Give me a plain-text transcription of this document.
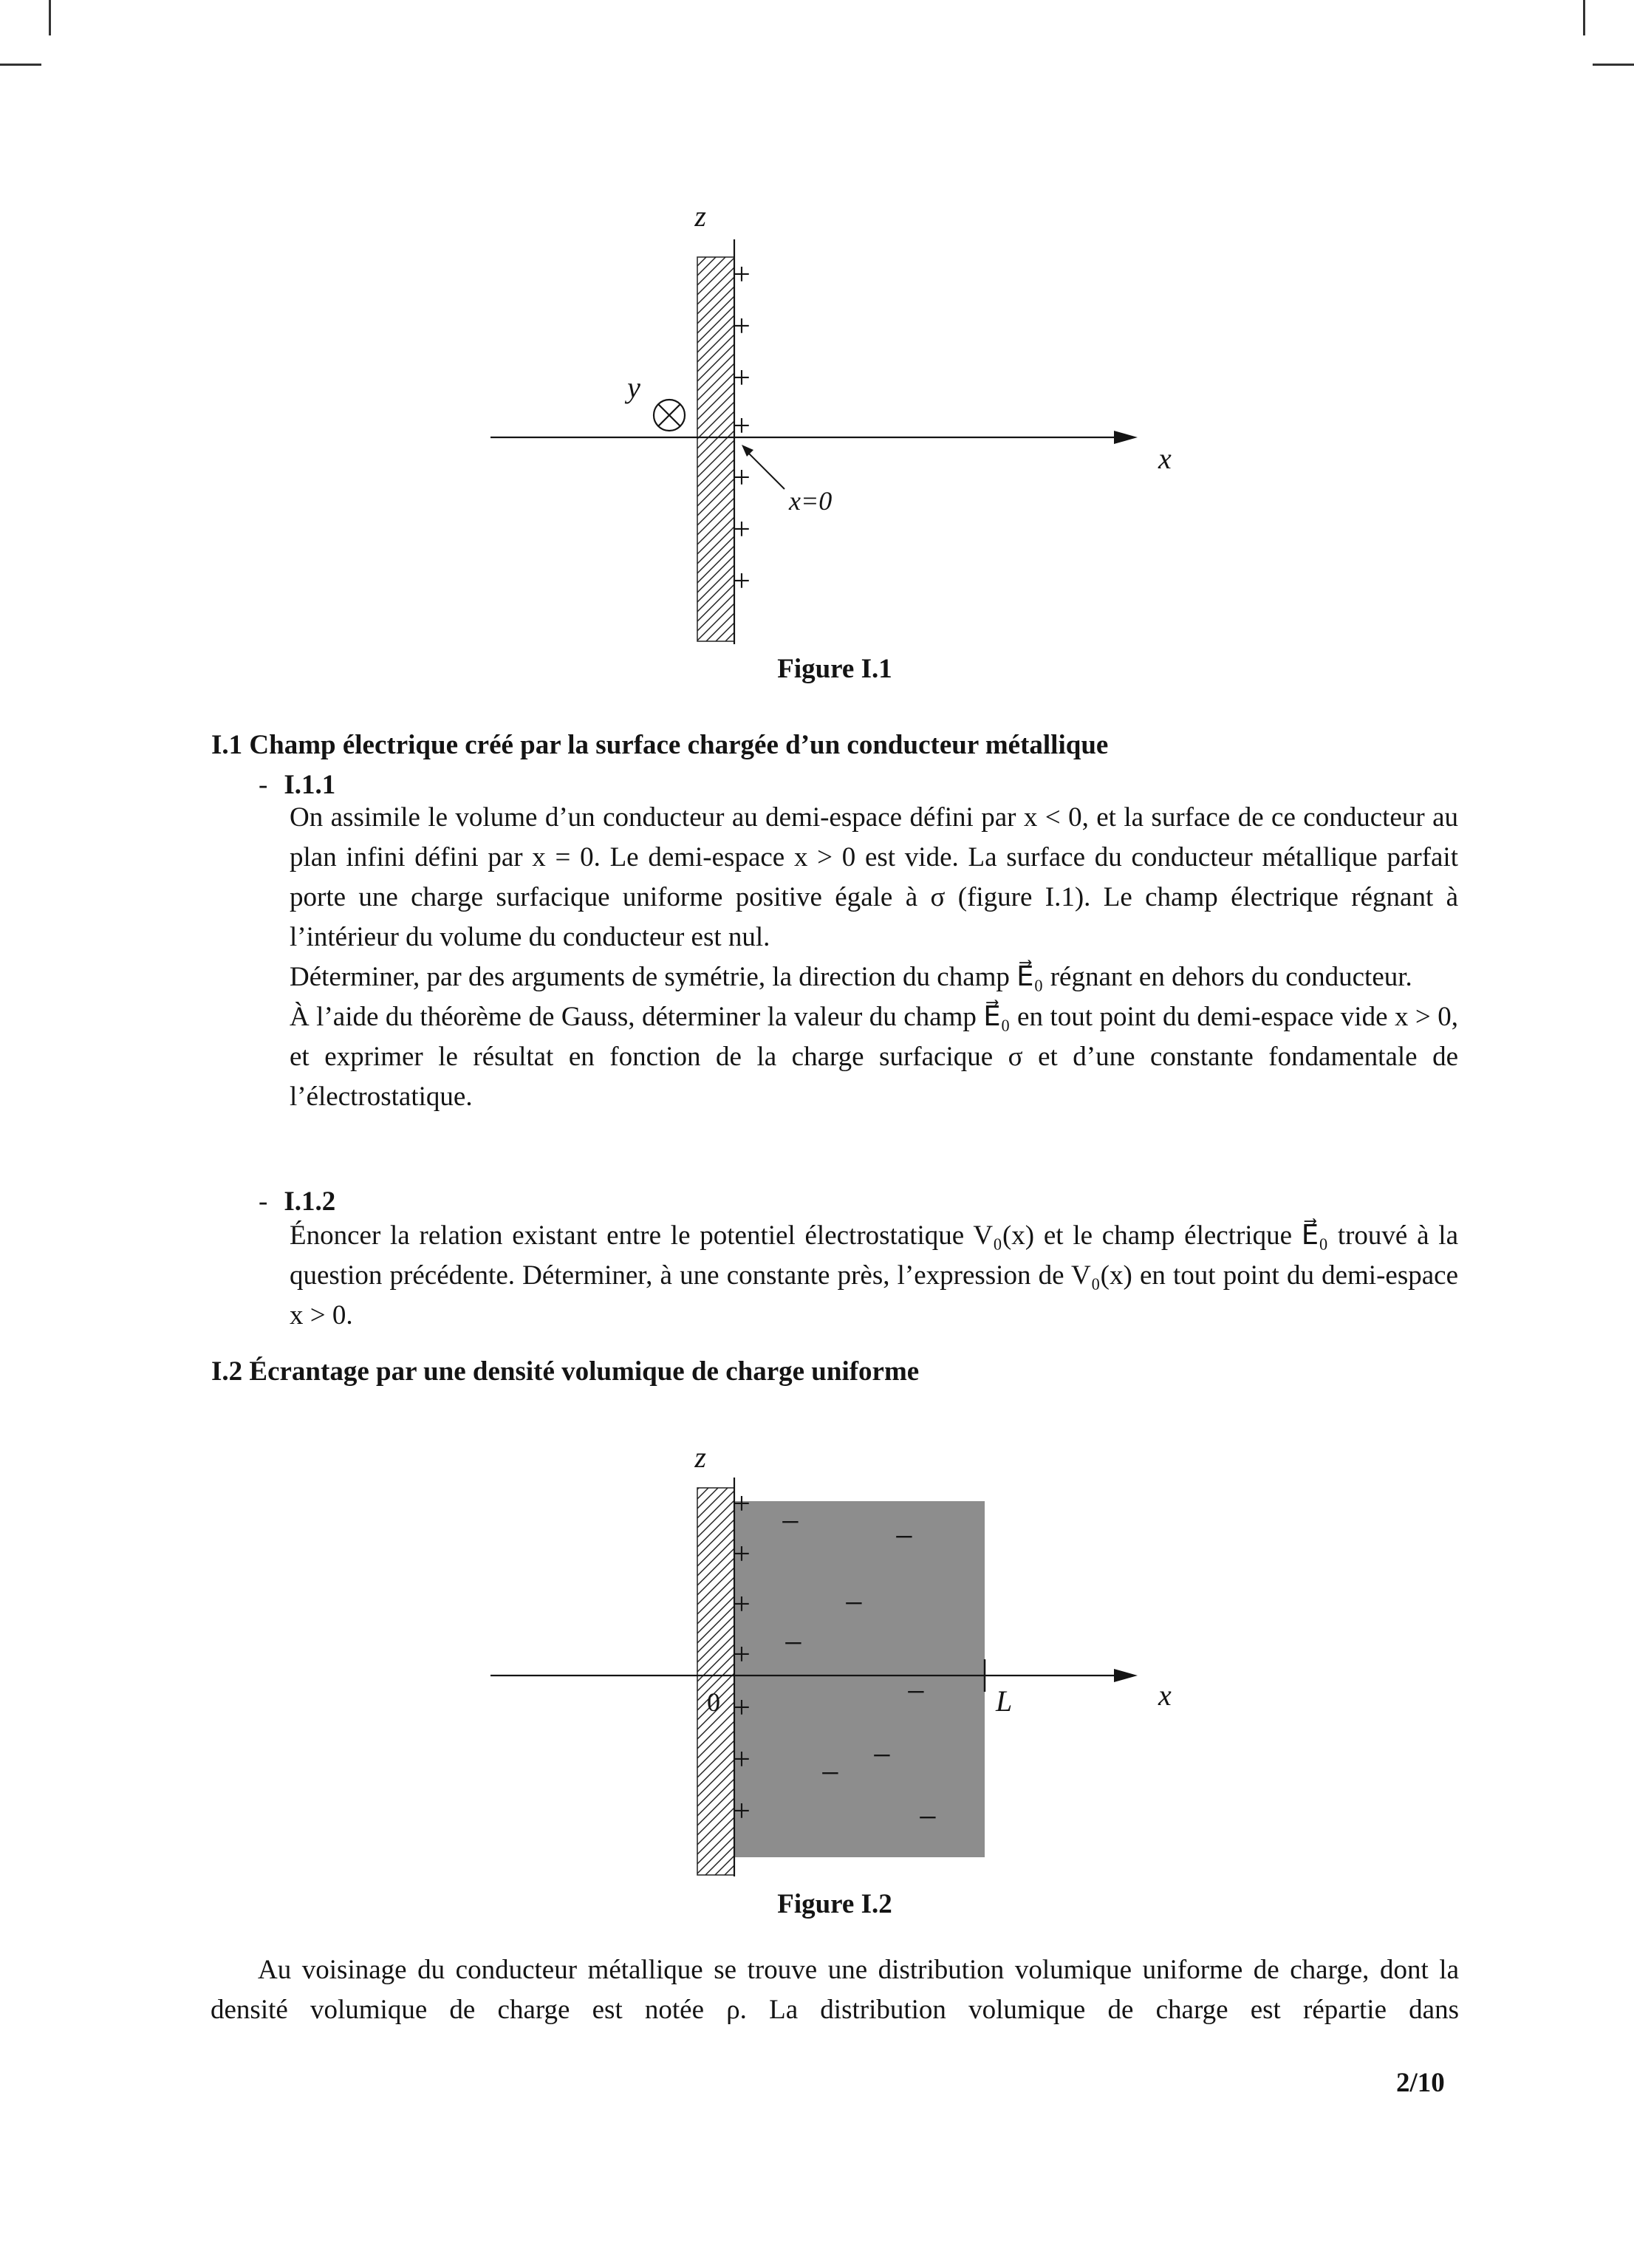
z
x
y
+
+
+
+
+
+
+
x=0
Figure I.1
I.1 Champ électrique créé par la surface chargée d’un conducteur métallique
- I.1.1

On assimile le volume d’un conducteur au demi-espace défini par x < 0, et la surface de ce conducteur au plan infini défini par x = 0. Le demi-espace x > 0 est vide. La surface du conducteur métallique parfait porte une charge surfacique uniforme positive égale à σ (figure I.1). Le champ électrique régnant à l’intérieur du volume du conducteur est nul.

Déterminer, par des arguments de symétrie, la direction du champ E⃗₀ régnant en dehors du conducteur.

À l’aide du théorème de Gauss, déterminer la valeur du champ E⃗₀ en tout point du demi-espace vide x > 0, et exprimer le résultat en fonction de la charge surfacique σ et d’une constante fondamentale de l’électrostatique.

- I.1.2

Énoncer la relation existant entre le potentiel électrostatique V₀(x) et le champ électrique E⃗₀ trouvé à la question précédente. Déterminer, à une constante près, l’expression de V₀(x) en tout point du demi-espace x > 0.

I.2 Écrantage par une densité volumique de charge uniforme
z
x
0	L
+
+
+
+
+
+
+
−	−
−
−
−
−
−
−
Figure I.2

Au voisinage du conducteur métallique se trouve une distribution volumique uniforme de charge, dont la densité volumique de charge est notée ρ. La distribution volumique de charge est répartie dans

2/10
